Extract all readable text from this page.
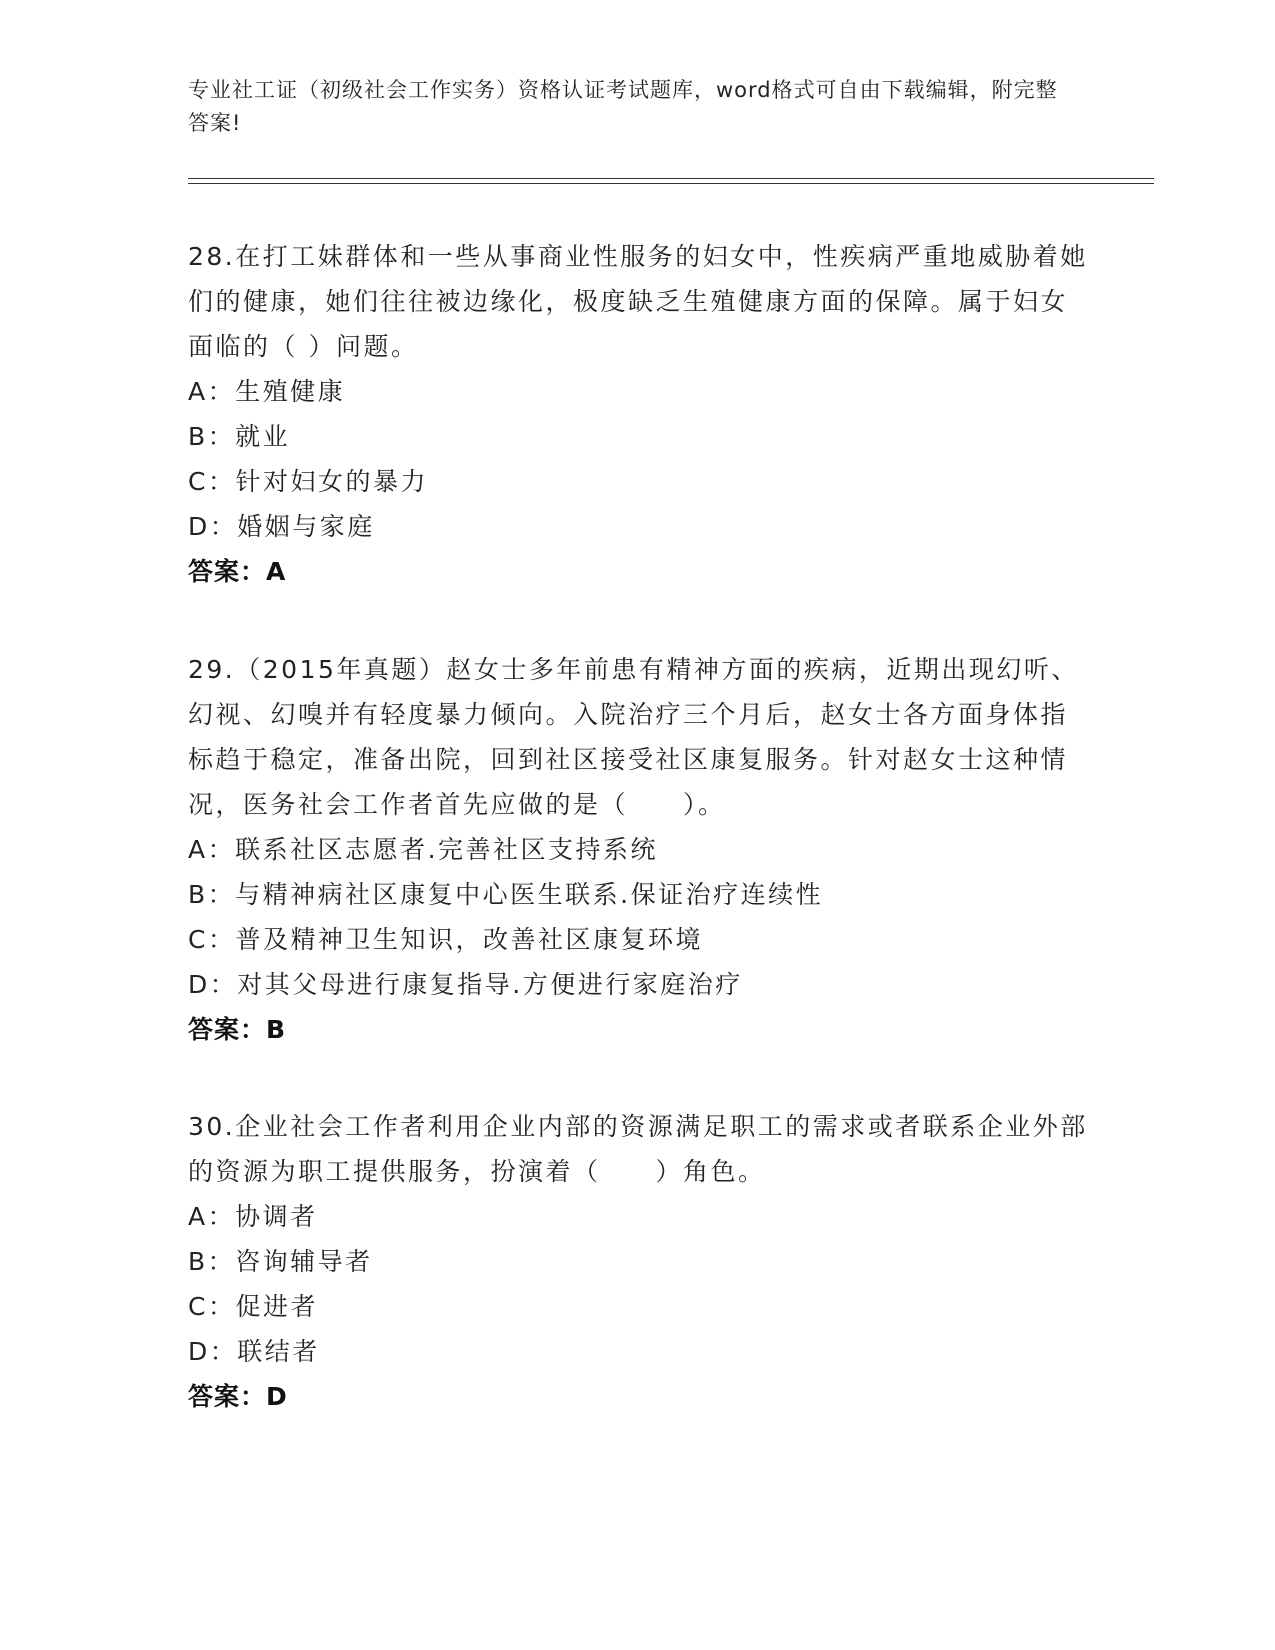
专业社工证（初级社会工作实务）资格认证考试题库，word格式可自由下载编辑，附完整答案!

28.在打工妹群体和一些从事商业性服务的妇女中，性疾病严重地威胁着她们的健康，她们往往被边缘化，极度缺乏生殖健康方面的保障。属于妇女面临的（ ）问题。

A：生殖健康

B：就业

C：针对妇女的暴力

D：婚姻与家庭

答案：A

29.（2015年真题）赵女士多年前患有精神方面的疾病，近期出现幻听、幻视、幻嗅并有轻度暴力倾向。入院治疗三个月后，赵女士各方面身体指标趋于稳定，准备出院，回到社区接受社区康复服务。针对赵女士这种情况，医务社会工作者首先应做的是（　　）。

A：联系社区志愿者.完善社区支持系统

B：与精神病社区康复中心医生联系.保证治疗连续性

C：普及精神卫生知识，改善社区康复环境

D：对其父母进行康复指导.方便进行家庭治疗

答案：B

30.企业社会工作者利用企业内部的资源满足职工的需求或者联系企业外部的资源为职工提供服务，扮演着（　　）角色。

A：协调者

B：咨询辅导者

C：促进者

D：联结者

答案：D
